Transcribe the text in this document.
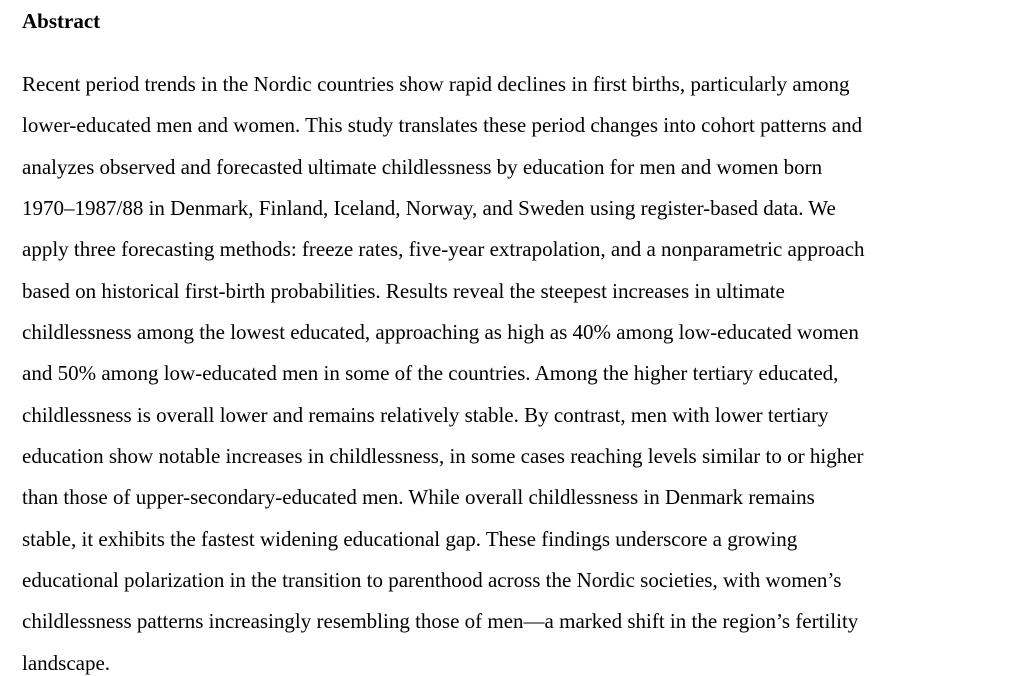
Abstract
Recent period trends in the Nordic countries show rapid declines in first births, particularly among
lower-educated men and women. This study translates these period changes into cohort patterns and
analyzes observed and forecasted ultimate childlessness by education for men and women born
1970–1987/88 in Denmark, Finland, Iceland, Norway, and Sweden using register-based data. We
apply three forecasting methods: freeze rates, five-year extrapolation, and a nonparametric approach
based on historical first-birth probabilities. Results reveal the steepest increases in ultimate
childlessness among the lowest educated, approaching as high as 40% among low-educated women
and 50% among low-educated men in some of the countries. Among the higher tertiary educated,
childlessness is overall lower and remains relatively stable. By contrast, men with lower tertiary
education show notable increases in childlessness, in some cases reaching levels similar to or higher
than those of upper-secondary-educated men. While overall childlessness in Denmark remains
stable, it exhibits the fastest widening educational gap. These findings underscore a growing
educational polarization in the transition to parenthood across the Nordic societies, with women’s
childlessness patterns increasingly resembling those of men—a marked shift in the region’s fertility
landscape.
